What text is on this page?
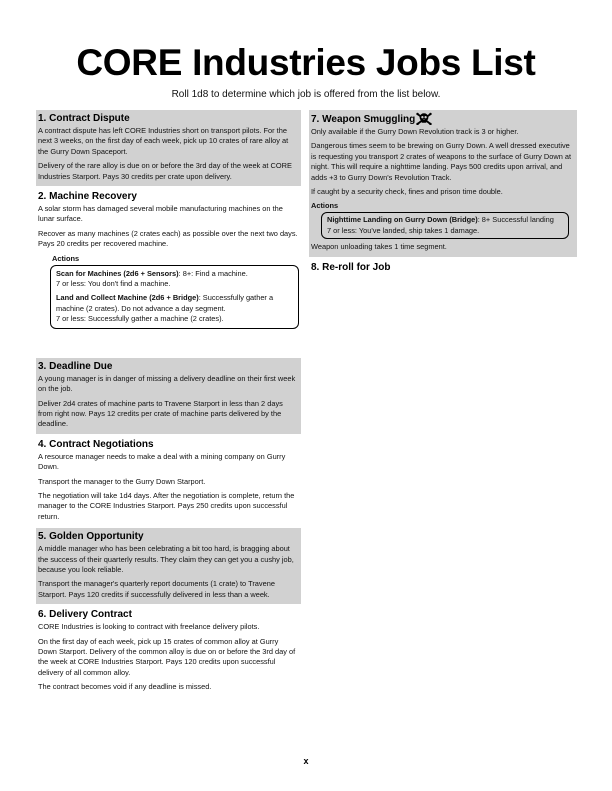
CORE Industries Jobs List
Roll 1d8 to determine which job is offered from the list below.
1. Contract Dispute

A contract dispute has left CORE Industries short on transport pilots. For the next 3 weeks, on the first day of each week, pick up 10 crates of rare alloy at the Gurry Down Spaceport.

Delivery of the rare alloy is due on or before the 3rd day of the week at CORE Industries Starport. Pays 30 credits per crate upon delivery.

2. Machine Recovery

A solar storm has damaged several mobile manufacturing machines on the lunar surface.

Recover as many machines (2 crates each) as possible over the next two days. Pays 20 credits per recovered machine.

Actions

Scan for Machines (2d6 + Sensors): 8+: Find a machine.
7 or less: You don't find a machine.

Land and Collect Machine (2d6 + Bridge): Successfully gather a machine (2 crates). Do not advance a day segment.
7 or less: Successfully gather a machine (2 crates).

3. Deadline Due

A young manager is in danger of missing a delivery deadline on their first week on the job.

Deliver 2d4 crates of machine parts to Travene Starport in less than 2 days from right now. Pays 12 credits per crate of machine parts delivered by the deadline.

4. Contract Negotiations

A resource manager needs to make a deal with a mining company on Gurry Down.

Transport the manager to the Gurry Down Starport.

The negotiation will take 1d4 days. After the negotiation is complete, return the manager to the CORE Industries Starport. Pays 250 credits upon successful return.

5. Golden Opportunity

A middle manager who has been celebrating a bit too hard, is bragging about the success of their quarterly results. They claim they can get you a cushy job, because you look reliable.

Transport the manager's quarterly report documents (1 crate) to Travene Starport. Pays 120 credits if successfully delivered in less than a week.

6. Delivery Contract

CORE Industries is looking to contract with freelance delivery pilots.

On the first day of each week, pick up 15 crates of common alloy at Gurry Down Starport. Delivery of the common alloy is due on or before the 3rd day of the week at CORE Industries Starport. Pays 120 credits upon successful delivery of all common alloy.

The contract becomes void if any deadline is missed.

7. Weapon Smuggling

Only available if the Gurry Down Revolution track is 3 or higher.

Dangerous times seem to be brewing on Gurry Down. A well dressed executive is requesting you transport 2 crates of weapons to the surface of Gurry Down at night. This will require a nighttime landing. Pays 500 credits upon arrival, and adds +3 to Gurry Down's Revolution Track.

If caught by a security check, fines and prison time double.

Actions

Nighttime Landing on Gurry Down (Bridge): 8+ Successful landing
7 or less: You've landed, ship takes 1 damage.

Weapon unloading takes 1 time segment.

8. Re-roll for Job
x
